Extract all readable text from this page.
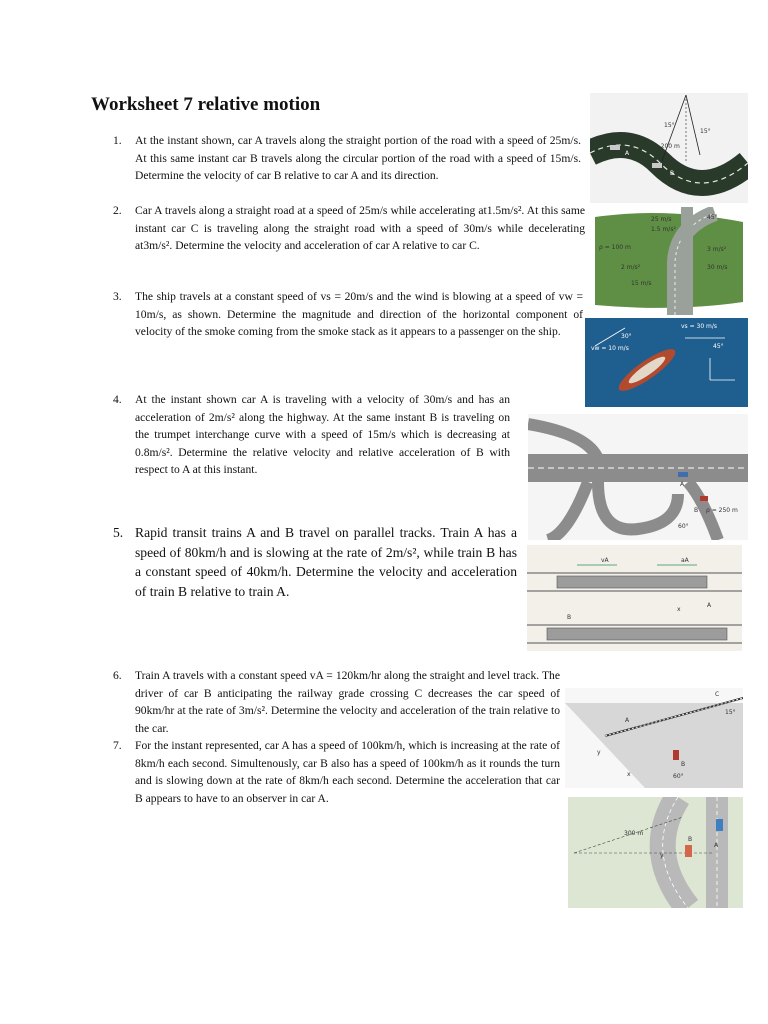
Worksheet 7 relative motion
1. At the instant shown, car A travels along the straight portion of the road with a speed of 25m/s. At this same instant car B travels along the circular portion of the road with a speed of 15m/s. Determine the velocity of car B relative to car A and its direction.
2. Car A travels along a straight road at a speed of 25m/s while accelerating at1.5m/s². At this same instant car C is traveling along the straight road with a speed of 30m/s while decelerating at3m/s². Determine the velocity and acceleration of car A relative to car C.
3. The ship travels at a constant speed of vs = 20m/s and the wind is blowing at a speed of vw = 10m/s, as shown. Determine the magnitude and direction of the horizontal component of velocity of the smoke coming from the smoke stack as it appears to a passenger on the ship.
4. At the instant shown car A is traveling with a velocity of 30m/s and has an acceleration of 2m/s² along the highway. At the same instant B is traveling on the trumpet interchange curve with a speed of 15m/s which is decreasing at 0.8m/s². Determine the relative velocity and relative acceleration of B with respect to A at this instant.
5. Rapid transit trains A and B travel on parallel tracks. Train A has a speed of 80km/h and is slowing at the rate of 2m/s², while train B has a constant speed of 40km/h. Determine the velocity and acceleration of train B relative to train A.
6. Train A travels with a constant speed vA = 120km/hr along the straight and level track. The driver of car B anticipating the railway grade crossing C decreases the car speed of 90km/hr at the rate of 3m/s². Determine the velocity and acceleration of the train relative to the car.
7. For the instant represented, car A has a speed of 100km/h, which is increasing at the rate of 8km/h each second. Simultenously, car B also has a speed of 100km/h as it rounds the turn and is slowing down at the rate of 8km/h each second. Determine the acceleration that car B appears to have to an observer in car A.
ρ = 200 m
15°
15°
A
B
25 m/s
1.5 m/s²
45°
ρ = 100 m	3 m/s²
30 m/s
2 m/s²
15 m/s
vs = 30 m/s
vw = 10 m/s
30°
45°
A
B ρ = 250 m
60°
vA	aA
A
B
x
C
15°
60°
A
B
y
x
300 m
B
A
y
